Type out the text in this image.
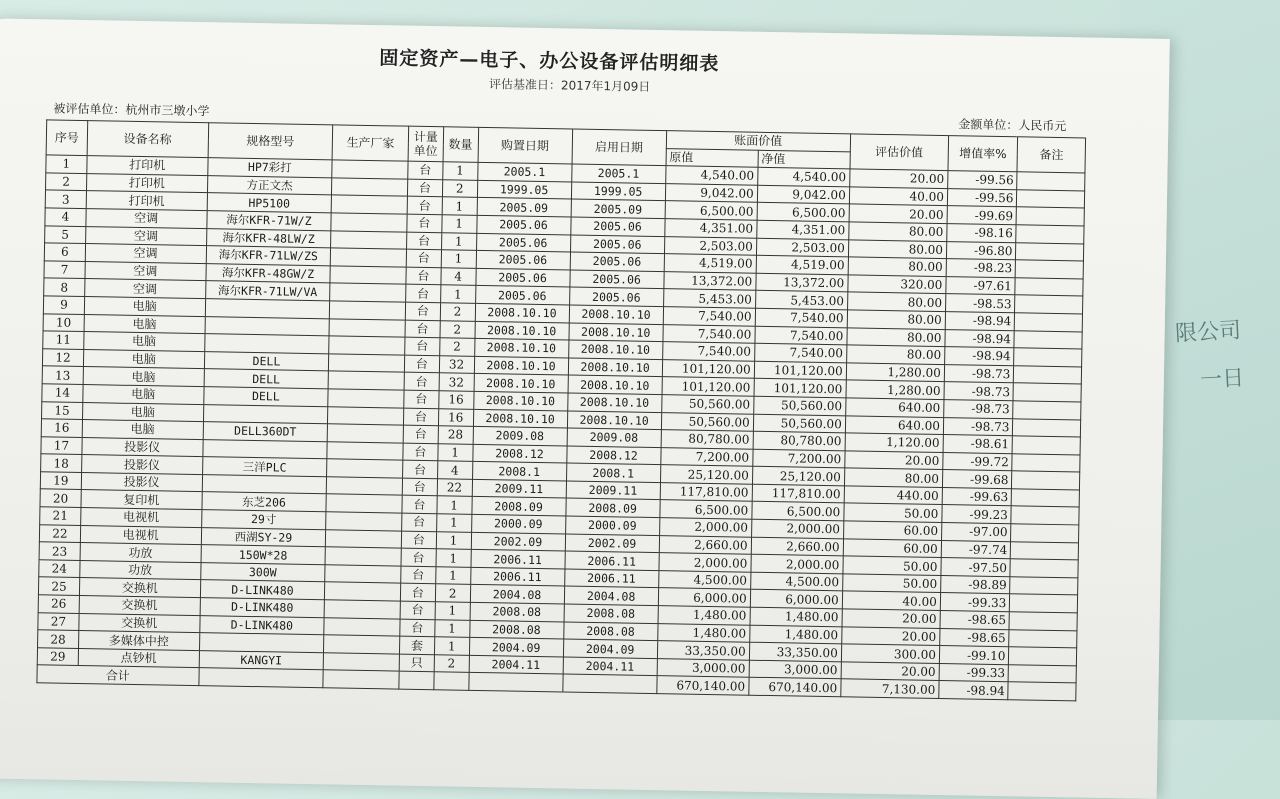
限公司
一日
固定资产—电子、办公设备评估明细表
评估基准日：2017年1月09日
被评估单位：杭州市三墩小学
金额单位：人民币元
序号	设备名称	规格型号	生产厂家	计量单位	数量	购置日期	启用日期	账面价值		评估价值	增值率%	备注
								原值	净值			
1	打印机	HP7彩打		台	1	2005.1	2005.1	4,540.00	4,540.00	20.00	-99.56	
2	打印机	方正文杰		台	2	1999.05	1999.05	9,042.00	9,042.00	40.00	-99.56	
3	打印机	HP5100		台	1	2005.09	2005.09	6,500.00	6,500.00	20.00	-99.69	
4	空调	海尔KFR-71W/Z		台	1	2005.06	2005.06	4,351.00	4,351.00	80.00	-98.16	
5	空调	海尔KFR-48LW/Z		台	1	2005.06	2005.06	2,503.00	2,503.00	80.00	-96.80	
6	空调	海尔KFR-71LW/ZS		台	1	2005.06	2005.06	4,519.00	4,519.00	80.00	-98.23	
7	空调	海尔KFR-48GW/Z		台	4	2005.06	2005.06	13,372.00	13,372.00	320.00	-97.61	
8	空调	海尔KFR-71LW/VA		台	1	2005.06	2005.06	5,453.00	5,453.00	80.00	-98.53	
9	电脑			台	2	2008.10.10	2008.10.10	7,540.00	7,540.00	80.00	-98.94	
10	电脑			台	2	2008.10.10	2008.10.10	7,540.00	7,540.00	80.00	-98.94	
11	电脑			台	2	2008.10.10	2008.10.10	7,540.00	7,540.00	80.00	-98.94	
12	电脑	DELL		台	32	2008.10.10	2008.10.10	101,120.00	101,120.00	1,280.00	-98.73	
13	电脑	DELL		台	32	2008.10.10	2008.10.10	101,120.00	101,120.00	1,280.00	-98.73	
14	电脑	DELL		台	16	2008.10.10	2008.10.10	50,560.00	50,560.00	640.00	-98.73	
15	电脑			台	16	2008.10.10	2008.10.10	50,560.00	50,560.00	640.00	-98.73	
16	电脑	DELL360DT		台	28	2009.08	2009.08	80,780.00	80,780.00	1,120.00	-98.61	
17	投影仪			台	1	2008.12	2008.12	7,200.00	7,200.00	20.00	-99.72	
18	投影仪	三洋PLC		台	4	2008.1	2008.1	25,120.00	25,120.00	80.00	-99.68	
19	投影仪			台	22	2009.11	2009.11	117,810.00	117,810.00	440.00	-99.63	
20	复印机	东芝206		台	1	2008.09	2008.09	6,500.00	6,500.00	50.00	-99.23	
21	电视机	29寸		台	1	2000.09	2000.09	2,000.00	2,000.00	60.00	-97.00	
22	电视机	西湖SY-29		台	1	2002.09	2002.09	2,660.00	2,660.00	60.00	-97.74	
23	功放	150W*28		台	1	2006.11	2006.11	2,000.00	2,000.00	50.00	-97.50	
24	功放	300W		台	1	2006.11	2006.11	4,500.00	4,500.00	50.00	-98.89	
25	交换机	D-LINK480		台	2	2004.08	2004.08	6,000.00	6,000.00	40.00	-99.33	
26	交换机	D-LINK480		台	1	2008.08	2008.08	1,480.00	1,480.00	20.00	-98.65	
27	交换机	D-LINK480		台	1	2008.08	2008.08	1,480.00	1,480.00	20.00	-98.65	
28	多媒体中控			套	1	2004.09	2004.09	33,350.00	33,350.00	300.00	-99.10	
29	点钞机	KANGYI		只	2	2004.11	2004.11	3,000.00	3,000.00	20.00	-99.33	
合计								670,140.00	670,140.00	7,130.00	-98.94	
